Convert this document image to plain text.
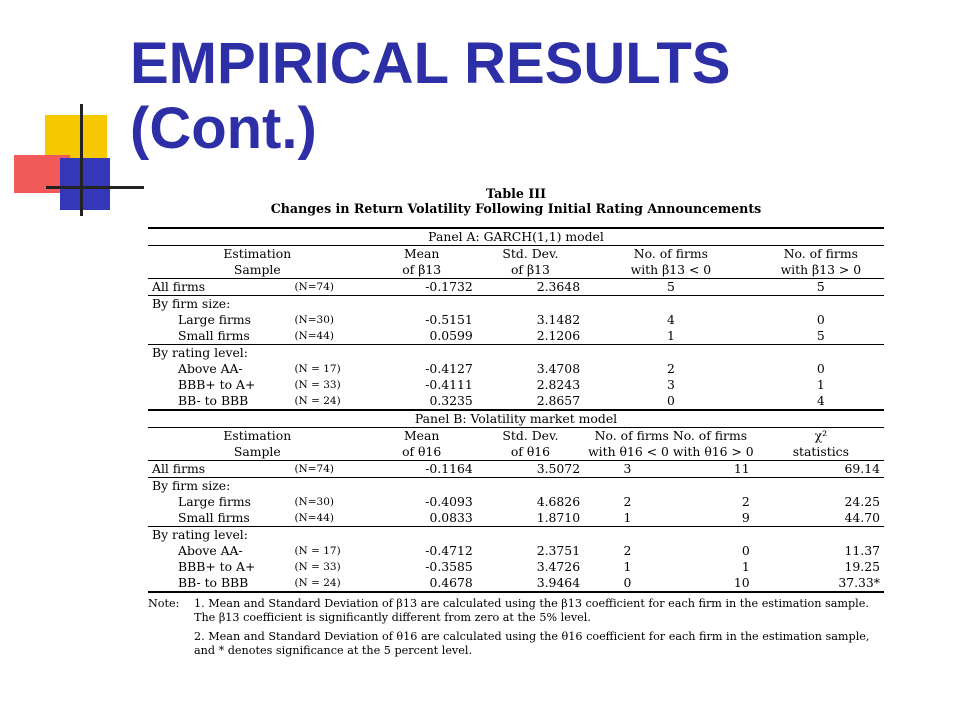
EMPIRICAL RESULTS
(Cont.)
Table III
Changes in Return Volatility Following Initial Rating Announcements
Panel A: GARCH(1,1) model					
Estimation		Mean	Std. Dev.	No. of firms	No. of firms
Sample		of β13	of β13	with β13 < 0	with β13 > 0
All firms	(N=74)	-0.1732	2.3648	5	5
By firm size:					
Large firms	(N=30)	-0.5151	3.1482	4	0
Small firms	(N=44)	0.0599	2.1206	1	5
By rating level:					
Above AA-	(N = 17)	-0.4127	3.4708	2	0
BBB+ to A+	(N = 33)	-0.4111	2.8243	3	1
BB- to BBB	(N = 24)	0.3235	2.8657	0	4
Panel B: Volatility market model					
Estimation		Mean	Std. Dev.	No. of firms No. of firms	χ²
Sample		of θ16	of θ16	with θ16 < 0 with θ16 > 0	statistics
All firms	(N=74)	-0.1164	3.5072	3 11	69.14
By firm size:					
Large firms	(N=30)	-0.4093	4.6826	2 2	24.25
Small firms	(N=44)	0.0833	1.8710	1 9	44.70
By rating level:					
Above AA-	(N = 17)	-0.4712	2.3751	2 0	11.37
BBB+ to A+	(N = 33)	-0.3585	3.4726	1 1	19.25
BB- to BBB	(N = 24)	0.4678	3.9464	0 10	37.33*
Note:	1. Mean and Standard Deviation of β13 are calculated using the β13 coefficient for each firm in the estimation sample. The β13 coefficient is significantly different from zero at the 5% level.
2. Mean and Standard Deviation of θ16 are calculated using the θ16 coefficient for each firm in the estimation sample, and * denotes significance at the 5 percent level.
